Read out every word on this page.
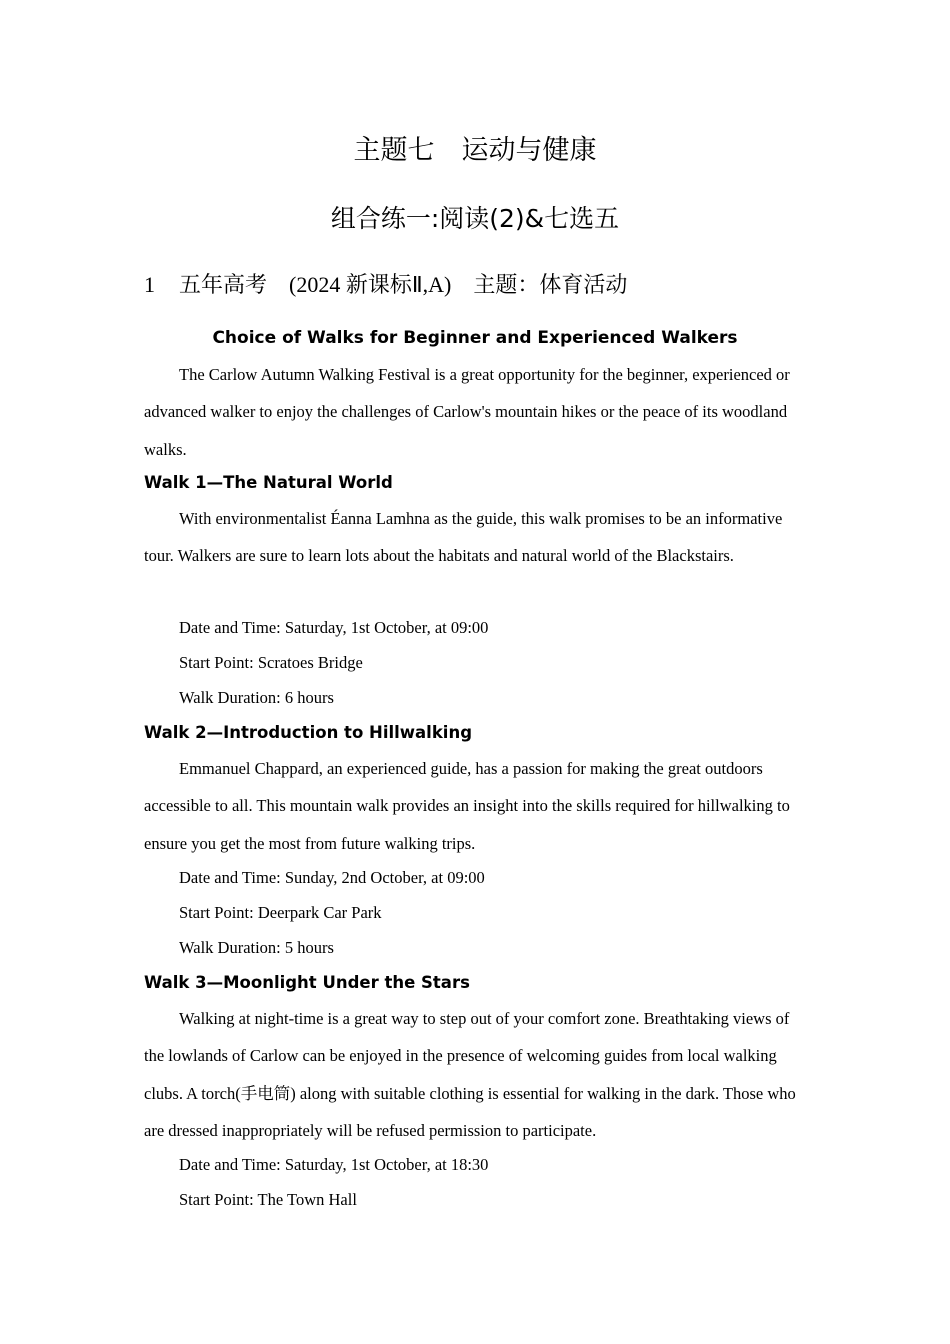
主题七　运动与健康
组合练一:阅读(2)&七选五
1 五年高考 (2024 新课标Ⅱ,A) 主题：体育活动
Choice of Walks for Beginner and Experienced Walkers
The Carlow Autumn Walking Festival is a great opportunity for the beginner, experienced or advanced walker to enjoy the challenges of Carlow's mountain hikes or the peace of its woodland walks.
Walk 1—The Natural World
With environmentalist Éanna Lamhna as the guide, this walk promises to be an informative tour. Walkers are sure to learn lots about the habitats and natural world of the Blackstairs.
Date and Time: Saturday, 1st October, at 09:00
Start Point: Scratoes Bridge
Walk Duration: 6 hours
Walk 2—Introduction to Hillwalking
Emmanuel Chappard, an experienced guide, has a passion for making the great outdoors accessible to all. This mountain walk provides an insight into the skills required for hillwalking to ensure you get the most from future walking trips.
Date and Time: Sunday, 2nd October, at 09:00
Start Point: Deerpark Car Park
Walk Duration: 5 hours
Walk 3—Moonlight Under the Stars
Walking at night-time is a great way to step out of your comfort zone. Breathtaking views of the lowlands of Carlow can be enjoyed in the presence of welcoming guides from local walking clubs. A torch(手电筒) along with suitable clothing is essential for walking in the dark. Those who are dressed inappropriately will be refused permission to participate.
Date and Time: Saturday, 1st October, at 18:30
Start Point: The Town Hall
